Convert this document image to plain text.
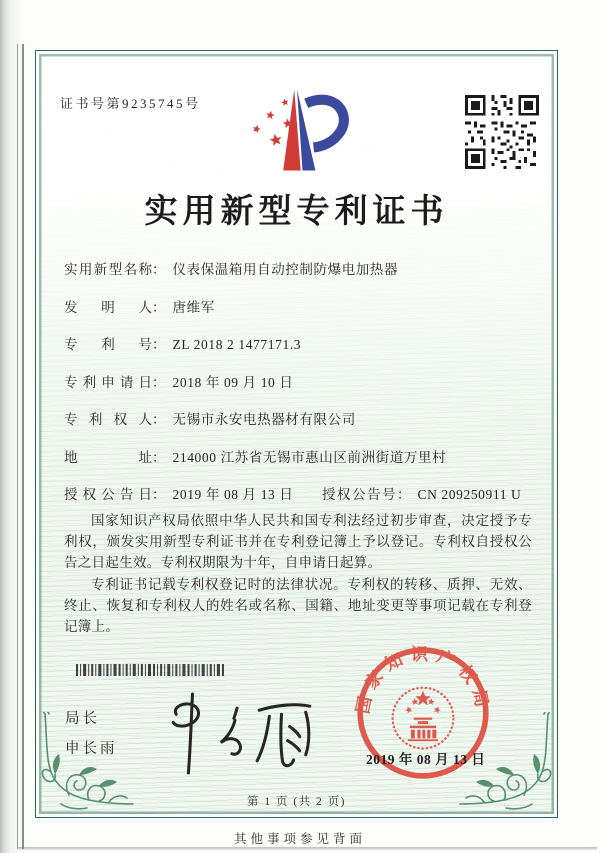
证书号第9235745号
实用新型专利证书
实用新型名称： 仪表保温箱用自动控制防爆电加热器
发明人： 唐维军
专利号： ZL 2018 2 1477171.3
专利申请日： 2018 年 09 月 10 日
专利权人： 无锡市永安电热器材有限公司
地址： 214000 江苏省无锡市惠山区前洲街道万里村
授权公告日： 2019 年 08 月 13 日 授权公告号： CN 209250911 U

国家知识产权局依照中华人民共和国专利法经过初步审查，决定授予专利权，颁发实用新型专利证书并在专利登记簿上予以登记。专利权自授权公告之日起生效。专利权期限为十年，自申请日起算。

专利证书记载专利权登记时的法律状况。专利权的转移、质押、无效、终止、恢复和专利权人的姓名或名称、国籍、地址变更等事项记载在专利登记簿上。

局长
申长雨
国家知识产权局
2019 年 08 月 13 日
第 1 页 (共 2 页)
其他事项参见背面
